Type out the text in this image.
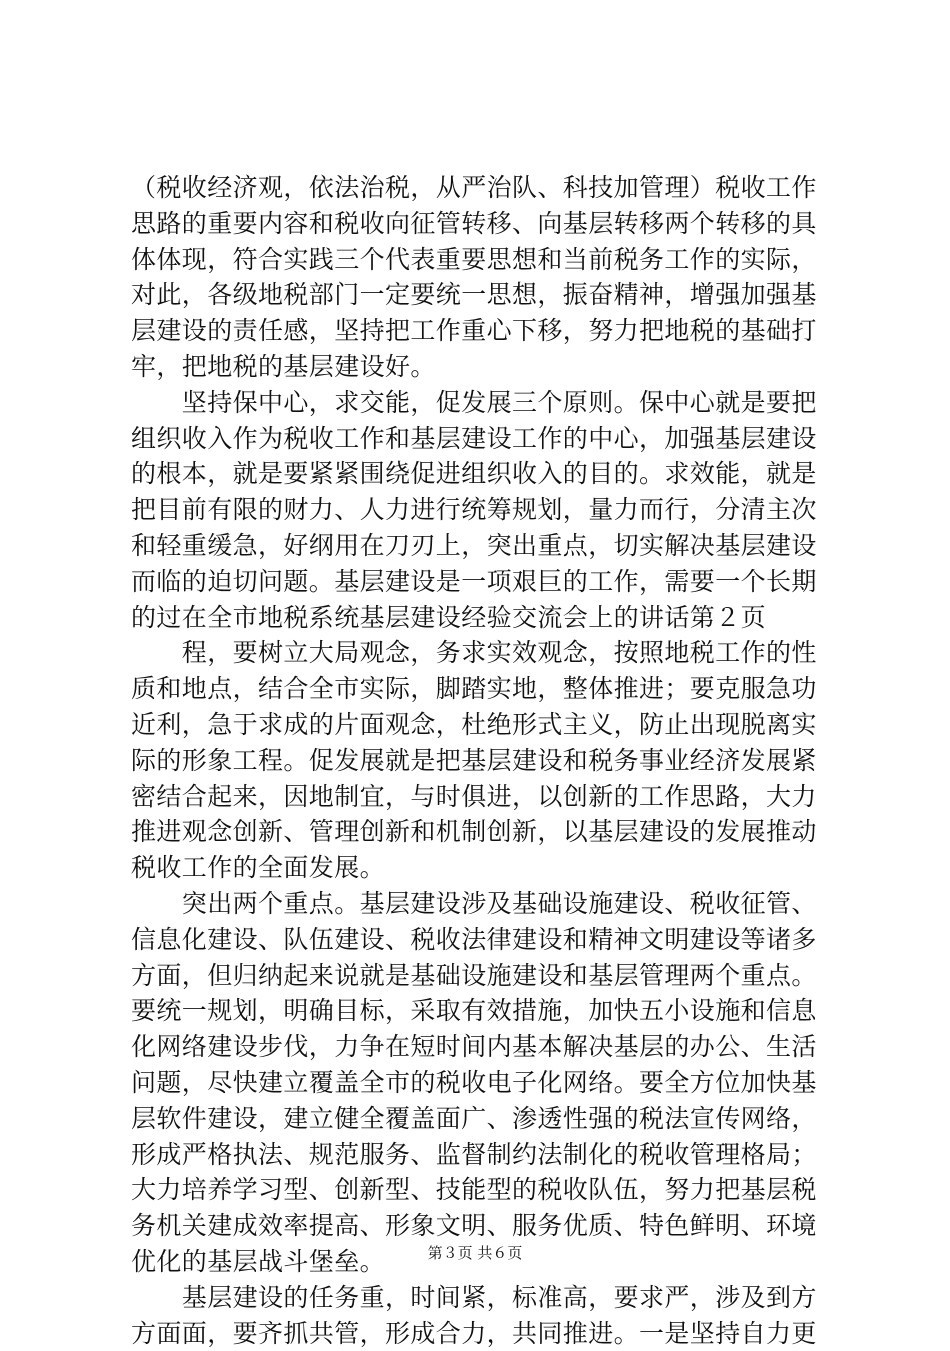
（税收经济观，依法治税，从严治队、科技加管理）税收工作
思路的重要内容和税收向征管转移、向基层转移两个转移的具
体体现，符合实践三个代表重要思想和当前税务工作的实际，
对此，各级地税部门一定要统一思想，振奋精神，增强加强基
层建设的责任感，坚持把工作重心下移，努力把地税的基础打
牢，把地税的基层建设好。
　　坚持保中心，求交能，促发展三个原则。保中心就是要把
组织收入作为税收工作和基层建设工作的中心，加强基层建设
的根本，就是要紧紧围绕促进组织收入的目的。求效能，就是
把目前有限的财力、人力进行统筹规划，量力而行，分清主次
和轻重缓急，好纲用在刀刃上，突出重点，切实解决基层建设
而临的迫切问题。基层建设是一项艰巨的工作，需要一个长期
的过在全市地税系统基层建设经验交流会上的讲话第２页
　　程，要树立大局观念，务求实效观念，按照地税工作的性
质和地点，结合全市实际，脚踏实地，整体推进；要克服急功
近利，急于求成的片面观念，杜绝形式主义，防止出现脱离实
际的形象工程。促发展就是把基层建设和税务事业经济发展紧
密结合起来，因地制宜，与时俱进，以创新的工作思路，大力
推进观念创新、管理创新和机制创新，以基层建设的发展推动
税收工作的全面发展。
　　突出两个重点。基层建设涉及基础设施建设、税收征管、
信息化建设、队伍建设、税收法律建设和精神文明建设等诸多
方面，但归纳起来说就是基础设施建设和基层管理两个重点。
要统一规划，明确目标，采取有效措施，加快五小设施和信息
化网络建设步伐，力争在短时间内基本解决基层的办公、生活
问题，尽快建立覆盖全市的税收电子化网络。要全方位加快基
层软件建设，建立健全覆盖面广、渗透性强的税法宣传网络，
形成严格执法、规范服务、监督制约法制化的税收管理格局；
大力培养学习型、创新型、技能型的税收队伍，努力把基层税
务机关建成效率提高、形象文明、服务优质、特色鲜明、环境
优化的基层战斗堡垒。
　　基层建设的任务重，时间紧，标准高，要求严，涉及到方
方面面，要齐抓共管，形成合力，共同推进。一是坚持自力更
第３页 共６页
